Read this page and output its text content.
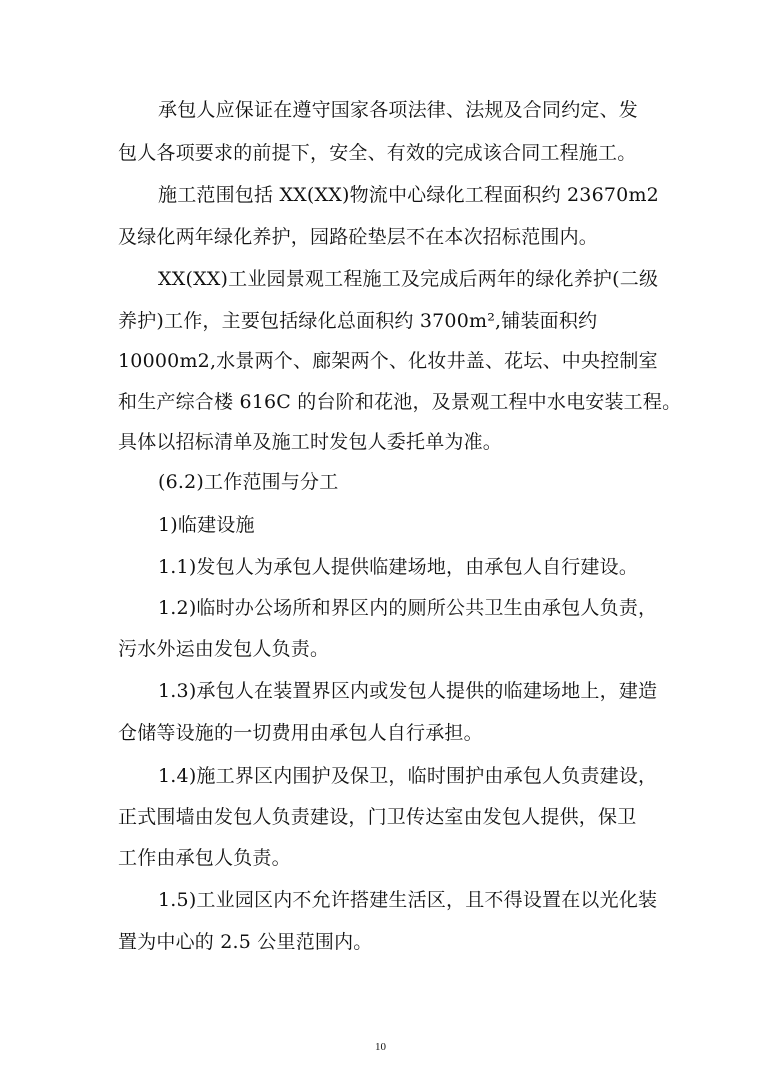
承包人应保证在遵守国家各项法律、法规及合同约定、发
包人各项要求的前提下，安全、有效的完成该合同工程施工。
施工范围包括 XX(XX)物流中心绿化工程面积约 23670m2
及绿化两年绿化养护，园路砼垫层不在本次招标范围内。
XX(XX)工业园景观工程施工及完成后两年的绿化养护(二级
养护)工作，主要包括绿化总面积约 3700m²,铺装面积约
10000m2,水景两个、廊架两个、化妆井盖、花坛、中央控制室
和生产综合楼 616C 的台阶和花池，及景观工程中水电安装工程。
具体以招标清单及施工时发包人委托单为准。
(6.2)工作范围与分工
1)临建设施
1.1)发包人为承包人提供临建场地，由承包人自行建设。
1.2)临时办公场所和界区内的厕所公共卫生由承包人负责，
污水外运由发包人负责。
1.3)承包人在装置界区内或发包人提供的临建场地上，建造
仓储等设施的一切费用由承包人自行承担。
1.4)施工界区内围护及保卫，临时围护由承包人负责建设，
正式围墙由发包人负责建设，门卫传达室由发包人提供，保卫
工作由承包人负责。
1.5)工业园区内不允许搭建生活区，且不得设置在以光化装
置为中心的 2.5 公里范围内。
10
